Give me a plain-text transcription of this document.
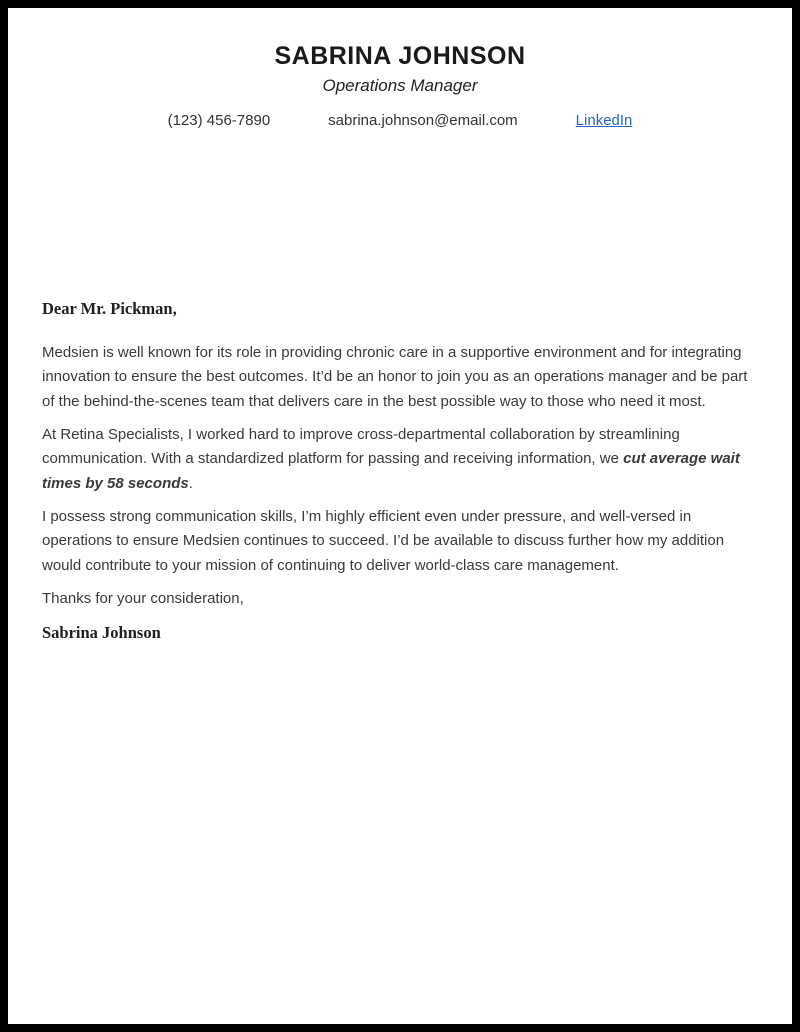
SABRINA JOHNSON
Operations Manager
(123) 456-7890	sabrina.johnson@email.com	LinkedIn

Dear Mr. Pickman,

Medsien is well known for its role in providing chronic care in a supportive environment and for integrating innovation to ensure the best outcomes. It’d be an honor to join you as an operations manager and be part of the behind-the-scenes team that delivers care in the best possible way to those who need it most.

At Retina Specialists, I worked hard to improve cross-departmental collaboration by streamlining communication. With a standardized platform for passing and receiving information, we cut average wait times by 58 seconds.

I possess strong communication skills, I’m highly efficient even under pressure, and well-versed in operations to ensure Medsien continues to succeed. I’d be available to discuss further how my addition would contribute to your mission of continuing to deliver world-class care management.

Thanks for your consideration,

Sabrina Johnson
